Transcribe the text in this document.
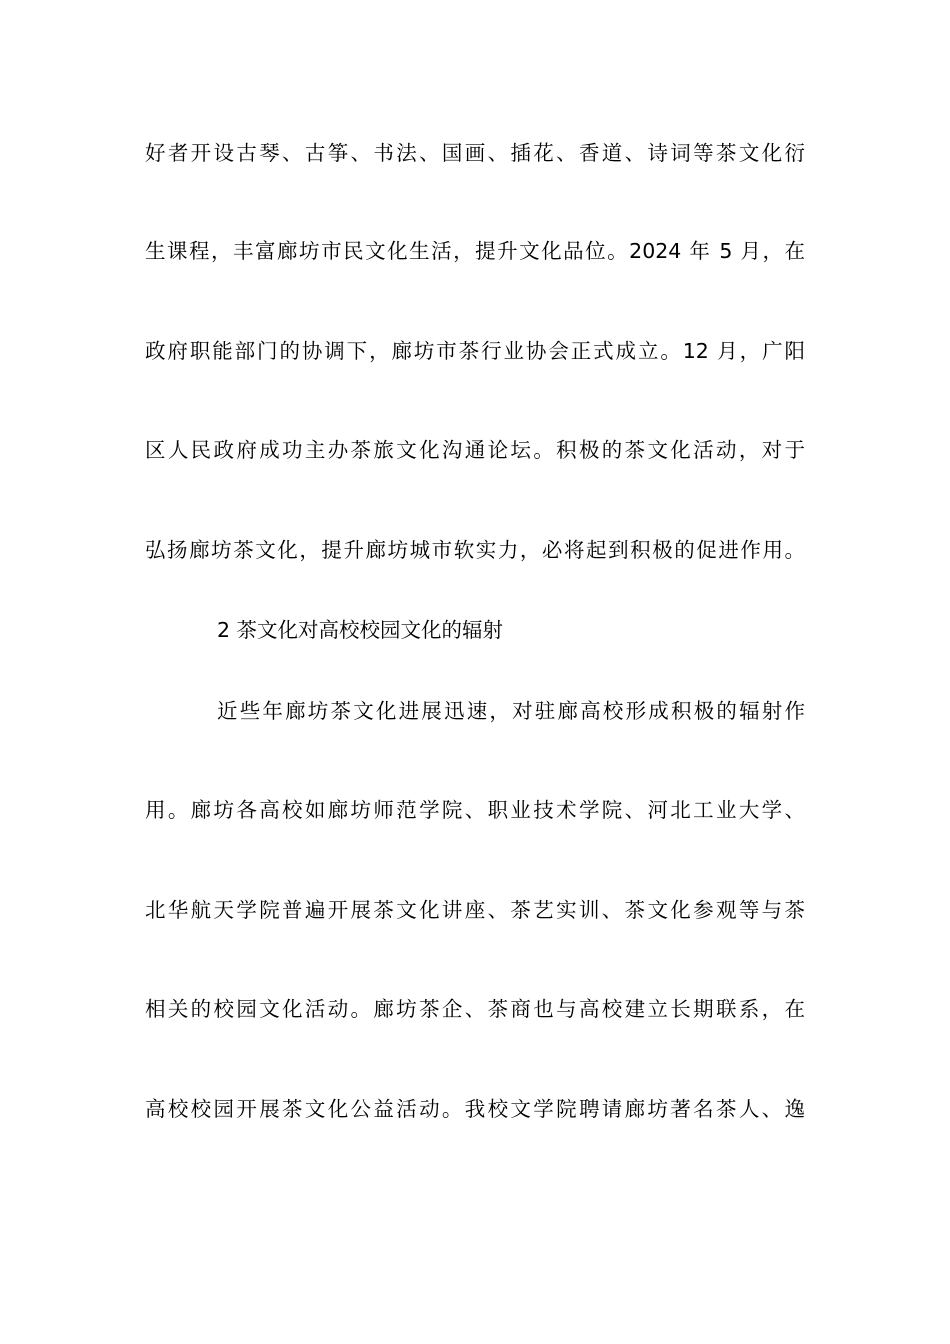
好者开设古琴、古筝、书法、国画、插花、香道、诗词等茶文化衍
生课程，丰富廊坊市民文化生活，提升文化品位。2024 年 5 月，在
政府职能部门的协调下，廊坊市茶行业协会正式成立。12 月，广阳
区人民政府成功主办茶旅文化沟通论坛。积极的茶文化活动，对于
弘扬廊坊茶文化，提升廊坊城市软实力，必将起到积极的促进作用。
2 茶文化对高校校园文化的辐射
近些年廊坊茶文化进展迅速，对驻廊高校形成积极的辐射作
用。廊坊各高校如廊坊师范学院、职业技术学院、河北工业大学、
北华航天学院普遍开展茶文化讲座、茶艺实训、茶文化参观等与茶
相关的校园文化活动。廊坊茶企、茶商也与高校建立长期联系，在
高校校园开展茶文化公益活动。我校文学院聘请廊坊著名茶人、逸
